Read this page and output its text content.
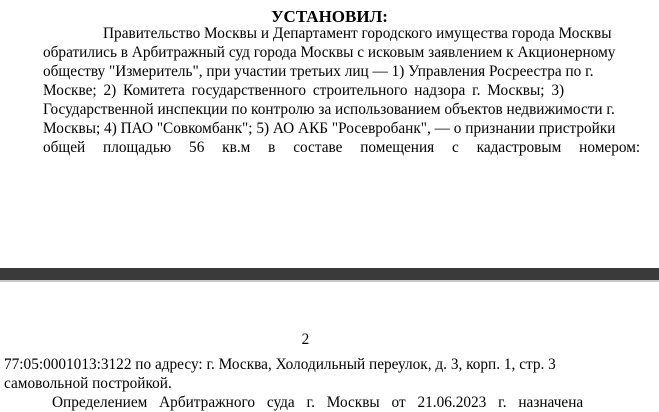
УСТАНОВИЛ:
Правительство Москвы и Департамент городского имущества города Москвы
обратились в Арбитражный суд города Москвы с исковым заявлением к Акционерному
обществу "Измеритель", при участии третьих лиц — 1) Управления Росреестра по г.
Москве; 2) Комитета государственного строительного надзора г. Москвы; 3)
Государственной инспекции по контролю за использованием объектов недвижимости г.
Москвы; 4) ПАО "Совкомбанк"; 5) АО АКБ "Росевробанк", — о признании пристройки
общей площадью 56 кв.м в составе помещения с кадастровым номером:
2
77:05:0001013:3122 по адресу: г. Москва, Холодильный переулок, д. 3, корп. 1, стр. 3
самовольной постройкой.
Определением Арбитражного суда г. Москвы от 21.06.2023 г. назначена
